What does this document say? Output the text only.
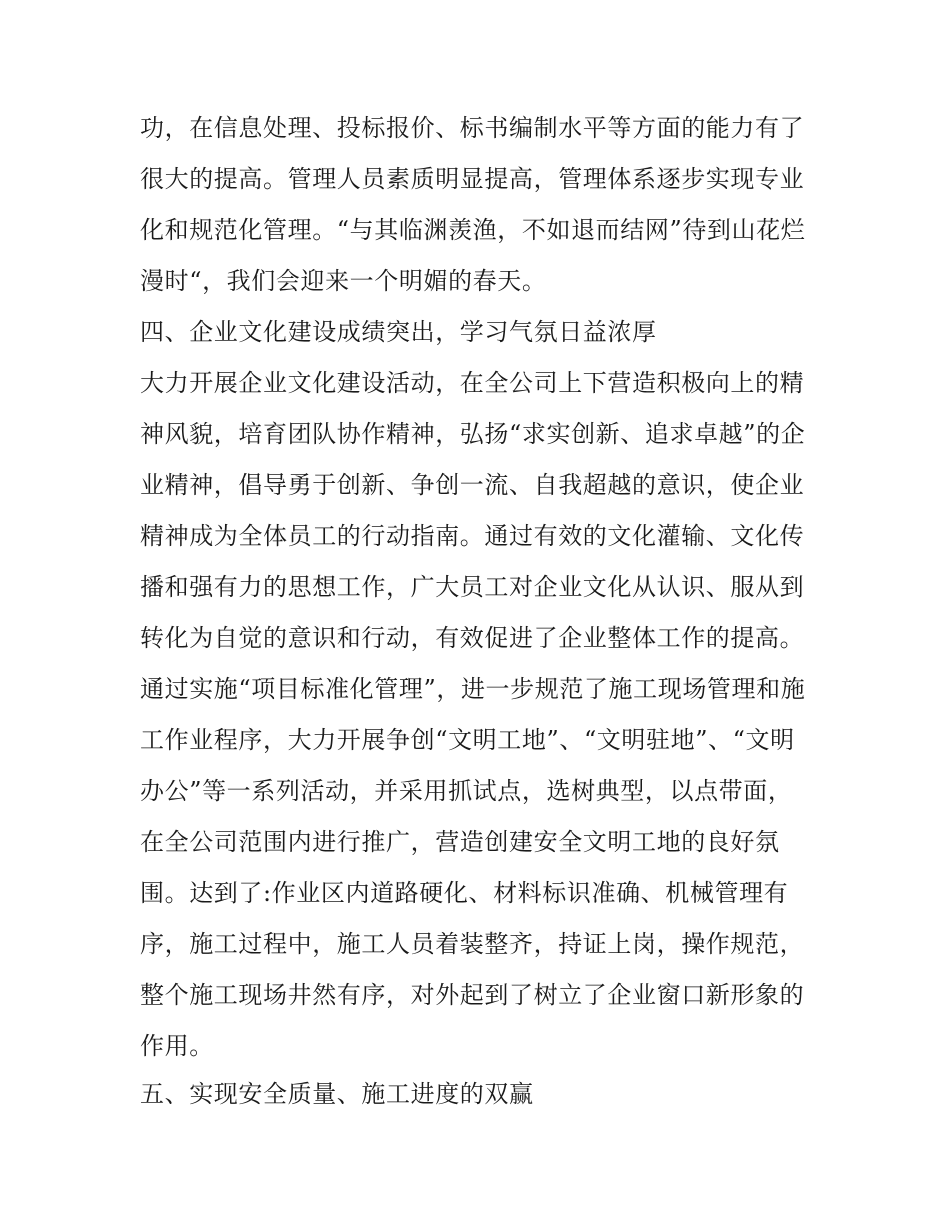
功，在信息处理、投标报价、标书编制水平等方面的能力有了
很大的提高。管理人员素质明显提高，管理体系逐步实现专业
化和规范化管理。“与其临渊羡渔，不如退而结网”待到山花烂
漫时“，我们会迎来一个明媚的春天。
四、企业文化建设成绩突出，学习气氛日益浓厚
大力开展企业文化建设活动，在全公司上下营造积极向上的精
神风貌，培育团队协作精神，弘扬“求实创新、追求卓越”的企
业精神，倡导勇于创新、争创一流、自我超越的意识，使企业
精神成为全体员工的行动指南。通过有效的文化灌输、文化传
播和强有力的思想工作，广大员工对企业文化从认识、服从到
转化为自觉的意识和行动，有效促进了企业整体工作的提高。
通过实施“项目标准化管理”，进一步规范了施工现场管理和施
工作业程序，大力开展争创“文明工地”、“文明驻地”、“文明
办公”等一系列活动，并采用抓试点，选树典型，以点带面，
在全公司范围内进行推广，营造创建安全文明工地的良好氛
围。达到了:作业区内道路硬化、材料标识准确、机械管理有
序，施工过程中，施工人员着装整齐，持证上岗，操作规范，
整个施工现场井然有序，对外起到了树立了企业窗口新形象的
作用。
五、实现安全质量、施工进度的双赢
